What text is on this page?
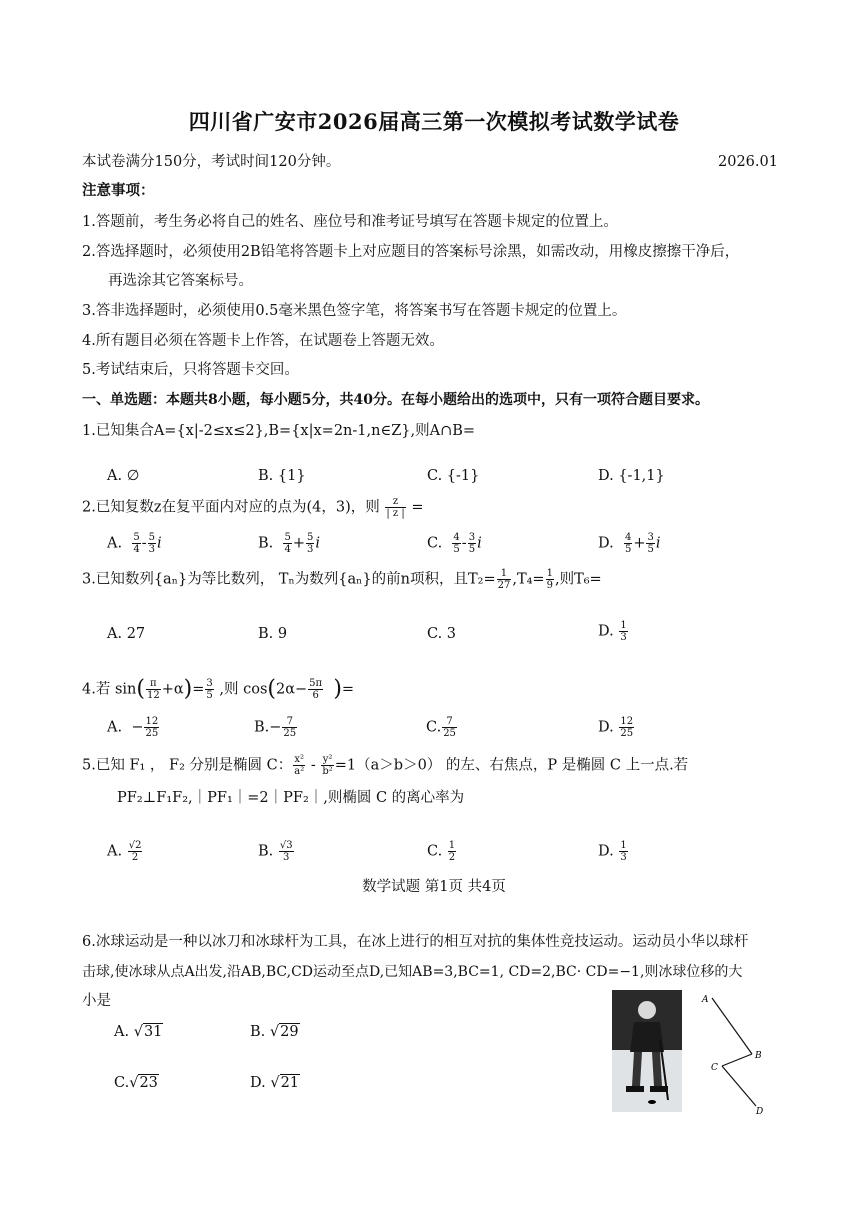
四川省广安市2026届高三第一次模拟考试数学试卷
本试卷满分150分，考试时间120分钟。	2026.01
注意事项：
1.答题前，考生务必将自己的姓名、座位号和准考证号填写在答题卡规定的位置上。
2.答选择题时，必须使用2B铅笔将答题卡上对应题目的答案标号涂黑，如需改动，用橡皮擦擦干净后，
再选涂其它答案标号。
3.答非选择题时，必须使用0.5毫米黑色签字笔，将答案书写在答题卡规定的位置上。
4.所有题目必须在答题卡上作答，在试题卷上答题无效。
5.考试结束后，只将答题卡交回。
一、单选题：本题共8小题，每小题5分，共40分。在每小题给出的选项中，只有一项符合题目要求。
1.已知集合A={x|-2≤x≤2},B={x|x=2n-1,n∈Z},则A∩B=
A. ∅	B. {1}	C. {-1}	D. {-1,1}
2.已知复数z在复平面内对应的点为(4，3)，则 $\frac{z}{| z |}$ =
A. $\frac{5}{4} - \frac{5}{3}$ i	B. $\frac{5}{4} + \frac{5}{3}$ i	C. $\frac{4}{5} - \frac{3}{5}$ i	D. $\frac{4}{5} + \frac{3}{5}$ i
3.已知数列{aₙ}为等比数列， Tₙ为数列{aₙ}的前n项积，且$T_2= \frac{1}{27} ,T_4= \frac{1}{9}$ ,则T₆=
A. 27	B. 9	C. 3	D. $\frac{1}{3}$
4.若 $\sin( \frac{\pi}{12} +\alpha)= \frac{3}{5}$ ,则 $\cos(2\alpha- \frac{5\pi}{6}$ )=
A. − $\frac{12}{25}$	$B.- \frac{7}{25}$	C. $\frac{7}{25}$	D. $\frac{12}{25}$
5.已知 F₁ ， F₂ 分别是椭圆 C： $\frac{\text{x²}}{\text{a²}} - \frac{\text{y²}}{\text{b²}} =1(a>b>0)$ 的左、右焦点，P 是椭圆 C 上一点.若
PF₂⊥F₁F₂,｜PF₁｜=2｜PF₂｜,则椭圆 C 的离心率为
A. $\frac{√2}{2}$	B. $\frac{√3}{3}$	C. $\frac{1}{2}$	D. $\frac{1}{3}$
数学试题 第1页 共4页
6.冰球运动是一种以冰刀和冰球杆为工具，在冰上进行的相互对抗的集体性竞技运动。运动员小华以球杆
击球,使冰球从点A出发,沿AB,BC,CD运动至点D,已知AB=3,BC=1, CD=2,BC· CD=−1,则冰球位移的大
小是
A. √31	B. √29
C.√23	D. √21
A
B
C
D
